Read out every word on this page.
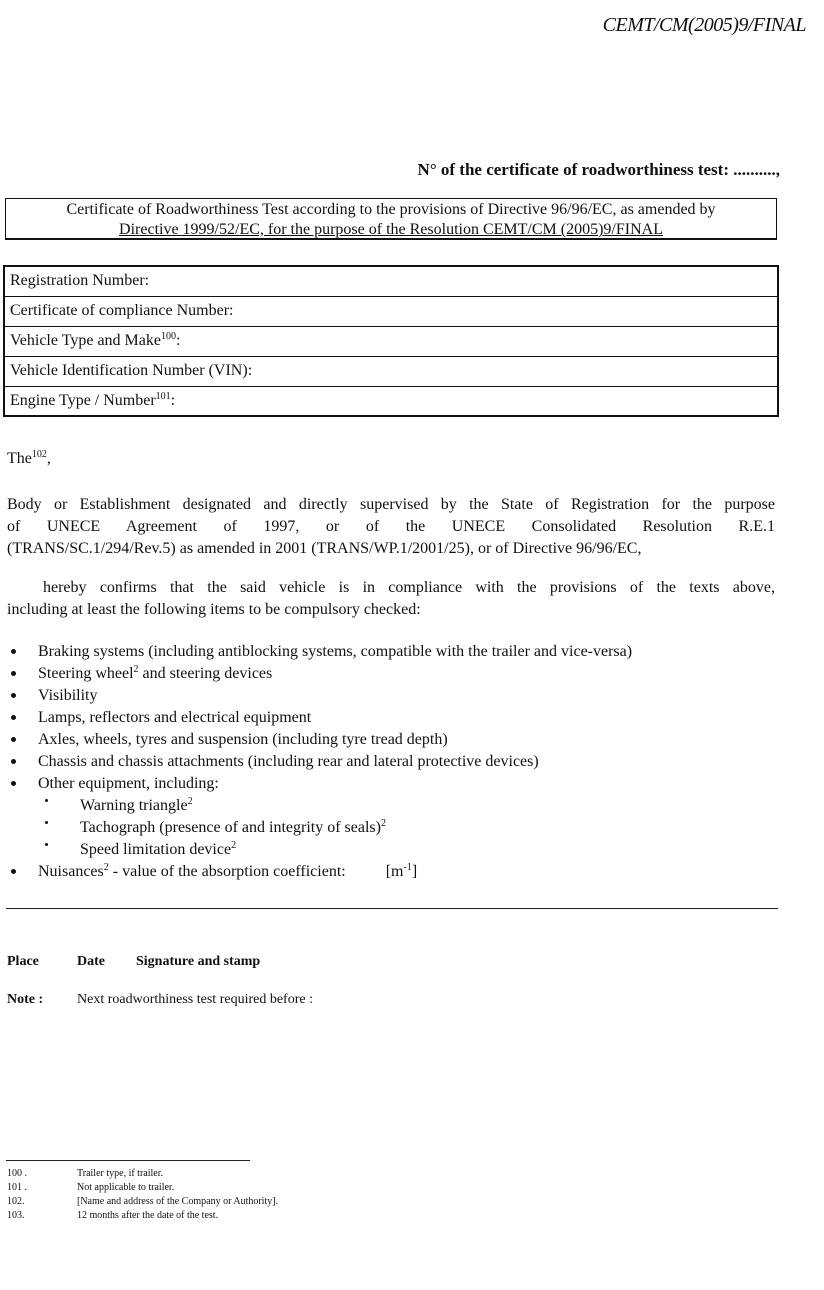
CEMT/CM(2005)9/FINAL
N° of the certificate of roadworthiness test: ..........,
Certificate of Roadworthiness Test according to the provisions of Directive 96/96/EC, as amended by
Directive 1999/52/EC, for the purpose of the Resolution CEMT/CM (2005)9/FINAL
Registration Number:
Certificate of compliance Number:
Vehicle Type and Make$^{100}$:
Vehicle Identification Number (VIN):
Engine Type / Number$^{101}$:
The$^{102}$,
Body or Establishment designated and directly supervised by the State of Registration for the purpose
of UNECE Agreement of 1997, or of the UNECE Consolidated Resolution R.E.1
(TRANS/SC.1/294/Rev.5) as amended in 2001 (TRANS/WP.1/2001/25), or of Directive 96/96/EC,
hereby confirms that the said vehicle is in compliance with the provisions of the texts above,
including at least the following items to be compulsory checked:
Braking systems (including antiblocking systems, compatible with the trailer and vice-versa)
Steering wheel$^2$ and steering devices
Visibility
Lamps, reflectors and electrical equipment
Axles, wheels, tyres and suspension (including tyre tread depth)
Chassis and chassis attachments (including rear and lateral protective devices)
Other equipment, including:
Warning triangle$^2$
Tachograph (presence of and integrity of seals)$^2$
Speed limitation device$^2$
Nuisances$^2$ - value of the absorption coefficient:	$[m^{-1}]$
Place	Date Signature and stamp
Note : Next roadworthiness test required before :
100 .	Trailer type, if trailer.
101 .	Not applicable to trailer.
102.	[Name and address of the Company or Authority].
103.	12 months after the date of the test.
